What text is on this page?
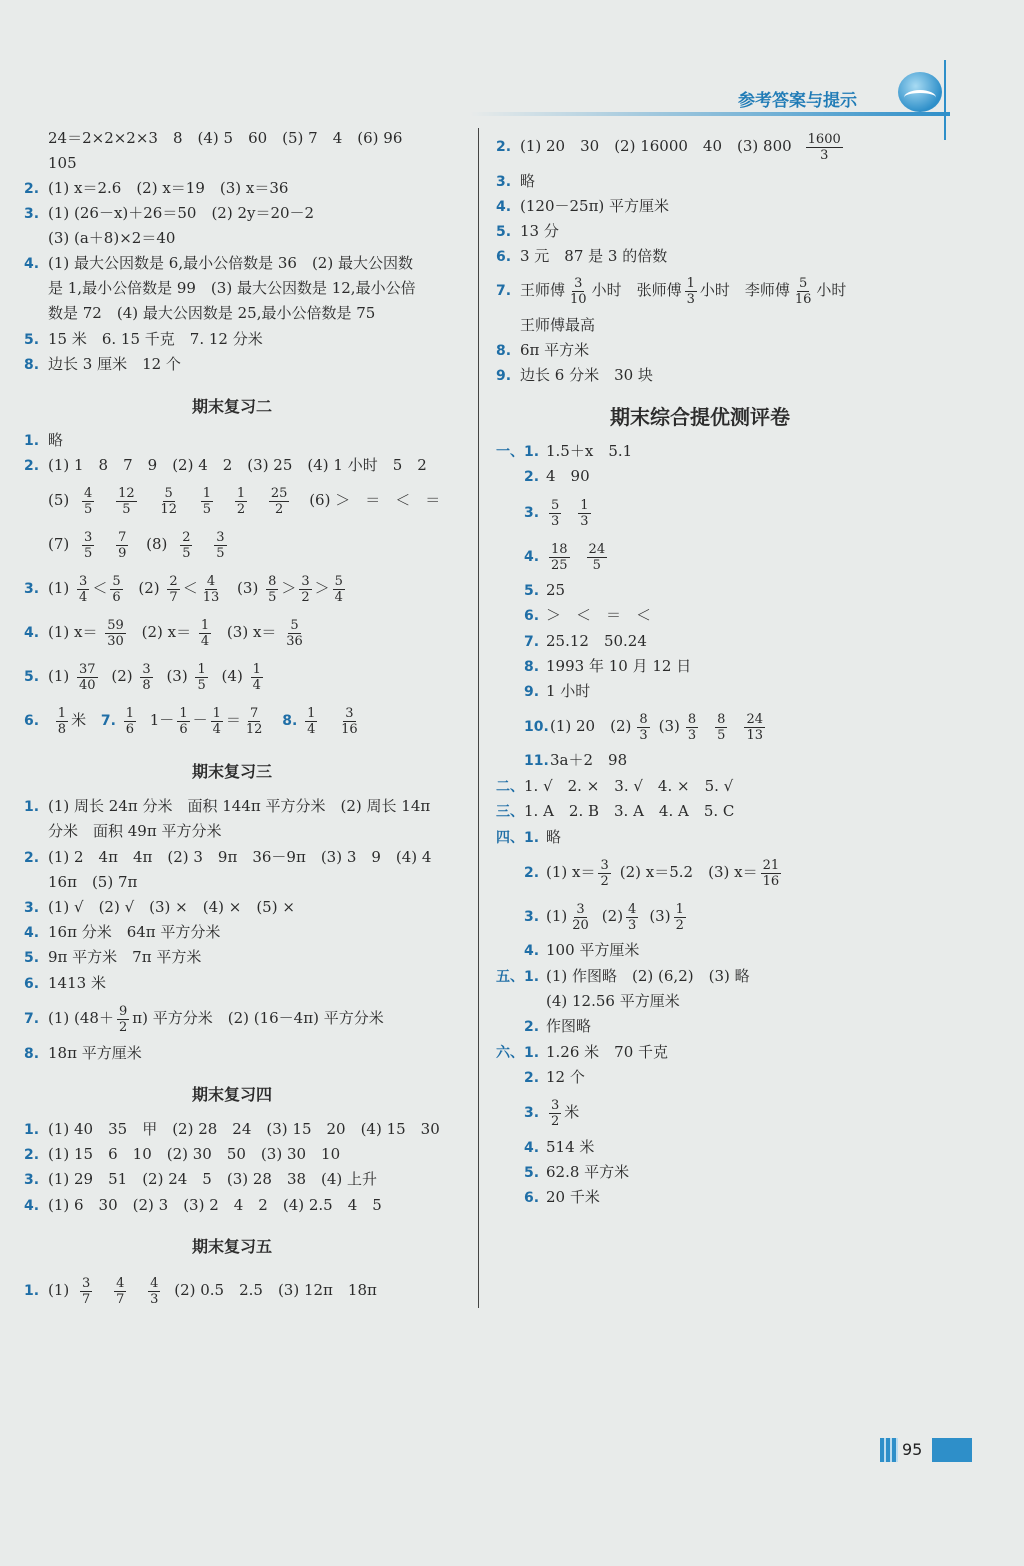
参考答案与提示
24＝2×2×2×3　8　(4) 5　60　(5) 7　4　(6) 96
105
2. (1) x＝2.6　(2) x＝19　(3) x＝36
3. (1) (26－x)＋26＝50　(2) 2y＝20－2
(3) (a＋8)×2＝40
4. (1) 最大公因数是 6,最小公倍数是 36　(2) 最大公因数
是 1,最小公倍数是 99　(3) 最大公因数是 12,最小公倍
数是 72　(4) 最大公因数是 25,最小公倍数是 75
5. 15 米　6. 15 千克　7. 12 分米
8. 边长 3 厘米　12 个
期末复习二
1. 略
2. (1) 1　8　7　9　(2) 4　2　(3) 25　(4) 1 小时　5　2
$(5) \frac{4}{5}$
$\frac{12}{5}$
$\frac{5}{12}$
$\frac{1}{5}$
$\frac{1}{2}$
$\frac{25}{2} (6)$ ＞　＝　＜　＝
$(7) \frac{3}{5}$
$\frac{7}{9} (8) \frac{2}{5}$
$\frac{3}{5}$
3. $(1) \frac{3}{4} < \frac{5}{6} (2) \frac{2}{7} < \frac{4}{13} (3) \frac{8}{5} > \frac{3}{2} > \frac{5}{4}$
4. (1) $x= \frac{59}{30} (2)$ $x= \frac{1}{4} (3)$ $x= \frac{5}{36}$
5. $(1) \frac{37}{40} (2) \frac{3}{8} (3) \frac{1}{5} (4) \frac{1}{4}$
6. $\frac{1}{8}$ 米 7. $\frac{1}{6} 1- \frac{1}{6} - \frac{1}{4} = \frac{7}{12} 8$. $\frac{1}{4}$
$\frac{3}{16}$
期末复习三
1. (1) 周长 24π 分米　面积 144π 平方分米　(2) 周长 14π
分米　面积 49π 平方分米
2. (1) 2　4π　4π　(2) 3　9π　36－9π　(3) 3　9　(4) 4
16π　(5) 7π
3. (1) √　(2) √　(3) ×　(4) ×　(5) ×
4. 16π 分米　64π 平方分米
5. 9π 平方米　7π 平方米
6. 1413 米
7. (1) $(48+ \frac{9}{2} \pi)$ 平方分米　(2) (16－4π) 平方分米
8. 18π 平方厘米
期末复习四
1. (1) 40　35　甲　(2) 28　24　(3) 15　20　(4) 15　30
2. (1) 15　6　10　(2) 30　50　(3) 30　10
3. (1) 29　51　(2) 24　5　(3) 28　38　(4) 上升
4. (1) 6　30　(2) 3　(3) 2　4　2　(4) 2.5　4　5
期末复习五
1. $(1) \frac{3}{7}$
$\frac{4}{7}$
$\frac{4}{3} (2)$ 0.5　2.5　(3) 12π　18π
2. (1) 20　30　(2) 16000　40　(3) $800 \frac{1600}{3}$
3. 略
4. (120－25π) 平方厘米
5. 13 分
6. 3 元　87 是 3 的倍数
7. 王师傅 $\frac{3}{10}$ 小时　张师傅 $\frac{1}{3}$ 小时　李师傅 $\frac{5}{16}$ 小时
王师傅最高
8. 6π 平方米
9. 边长 6 分米　30 块
期末综合提优测评卷
一、1. 1.5＋x　5.1
2. 4　90
3. $\frac{5}{3} \frac{1}{3}$
4. $\frac{18}{25} \frac{24}{5}$
5. 25
6. ＞　＜　＝　＜
7. 25.12　50.24
8. 1993 年 10 月 12 日
9. 1 小时
10.(1) 20　$(2) \frac{8}{3} (3) \frac{8}{3} \frac{8}{5} \frac{24}{13}$
11.3a＋2　98
二、1. √　2. ×　3. √　4. ×　5. √
三、1. A　2. B　3. A　4. A　5. C
四、1. 略
2. (1) $x= \frac{3}{2} (2)$ x＝5.2　(3) $x= \frac{21}{16}$
3. $(1) \frac{3}{20} (2) \frac{4}{3} (3) \frac{1}{2}$
4. 100 平方厘米
五、1. (1) 作图略　(2) (6,2)　(3) 略
(4) 12.56 平方厘米
2. 作图略
六、1. 1.26 米　70 千克
2. 12 个
3. $\frac{3}{2}$ 米
4. 514 米
5. 62.8 平方米
6. 20 千米
95
